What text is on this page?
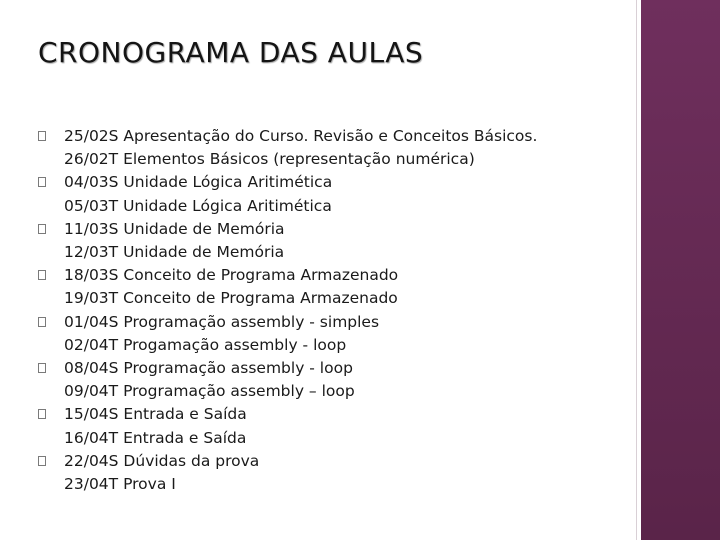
CRONOGRAMA DAS AULAS
25/02S Apresentação do Curso. Revisão e Conceitos Básicos.
26/02T Elementos Básicos (representação numérica)
04/03S Unidade Lógica Aritimética
05/03T Unidade Lógica Aritimética
11/03S Unidade de Memória
12/03T Unidade de Memória
18/03S Conceito de Programa Armazenado
19/03T Conceito de Programa Armazenado
01/04S Programação assembly - simples
02/04T Progamação assembly - loop
08/04S Programação assembly - loop
09/04T Programação assembly – loop
15/04S Entrada e Saída
16/04T Entrada e Saída
22/04S Dúvidas da prova
23/04T Prova I
